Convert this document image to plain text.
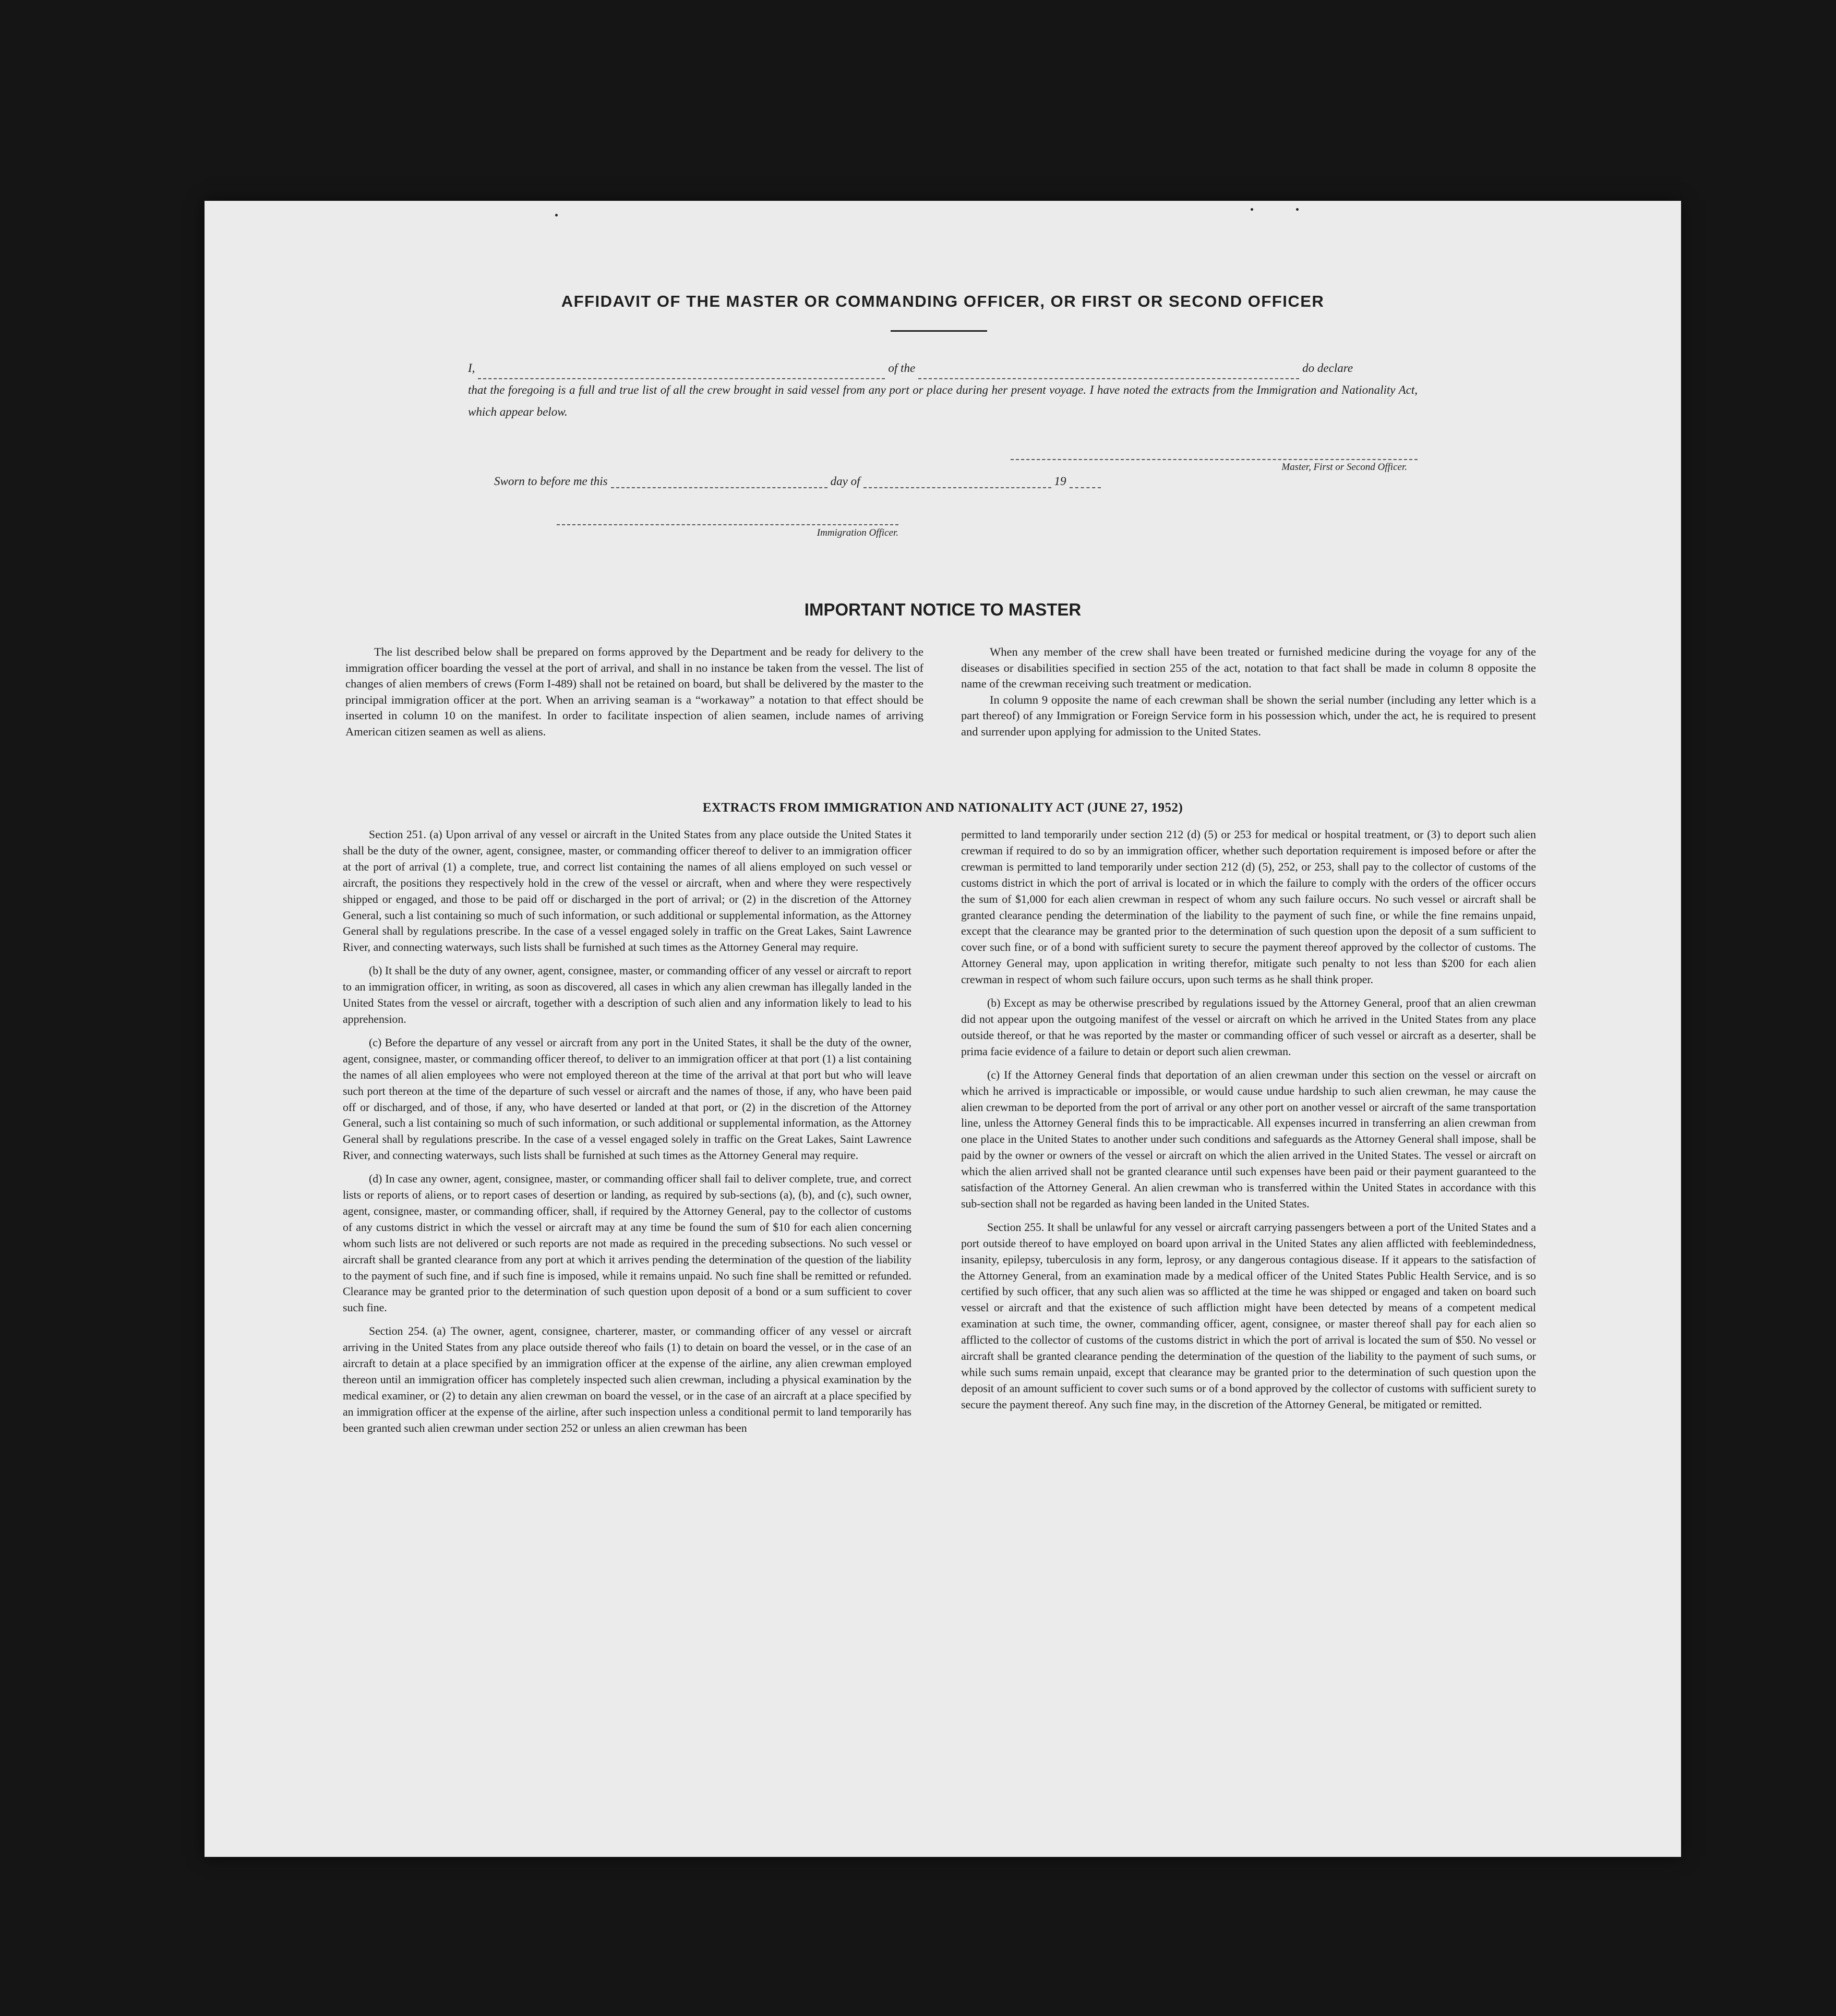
AFFIDAVIT OF THE MASTER OR COMMANDING OFFICER, OR FIRST OR SECOND OFFICER
I,	of the	do declare

that the foregoing is a full and true list of all the crew brought in said vessel from any port or place during her present voyage. I have noted the extracts from the Immigration and Nationality Act, which appear below.

Master, First or Second Officer.
Sworn to before me this	day of	19
Immigration Officer.
IMPORTANT NOTICE TO MASTER

The list described below shall be prepared on forms approved by the Department and be ready for delivery to the immigration officer boarding the vessel at the port of arrival, and shall in no instance be taken from the vessel. The list of changes of alien members of crews (Form I-489) shall not be retained on board, but shall be delivered by the master to the principal immigration officer at the port. When an arriving seaman is a “workaway” a notation to that effect should be inserted in column 10 on the manifest. In order to facilitate inspection of alien seamen, include names of arriving American citizen seamen as well as aliens.

When any member of the crew shall have been treated or furnished medicine during the voyage for any of the diseases or disabilities specified in section 255 of the act, notation to that fact shall be made in column 8 opposite the name of the crewman receiving such treatment or medication.

In column 9 opposite the name of each crewman shall be shown the serial number (including any letter which is a part thereof) of any Immigration or Foreign Service form in his possession which, under the act, he is required to present and surrender upon applying for admission to the United States.

EXTRACTS FROM IMMIGRATION AND NATIONALITY ACT (JUNE 27, 1952)

Section 251. (a) Upon arrival of any vessel or aircraft in the United States from any place outside the United States it shall be the duty of the owner, agent, consignee, master, or commanding officer thereof to deliver to an immigration officer at the port of arrival (1) a complete, true, and correct list containing the names of all aliens employed on such vessel or aircraft, the positions they respectively hold in the crew of the vessel or aircraft, when and where they were respectively shipped or engaged, and those to be paid off or discharged in the port of arrival; or (2) in the discretion of the Attorney General, such a list containing so much of such information, or such additional or supplemental information, as the Attorney General shall by regulations prescribe. In the case of a vessel engaged solely in traffic on the Great Lakes, Saint Lawrence River, and connecting waterways, such lists shall be furnished at such times as the Attorney General may require.

(b) It shall be the duty of any owner, agent, consignee, master, or commanding officer of any vessel or aircraft to report to an immigration officer, in writing, as soon as discovered, all cases in which any alien crewman has illegally landed in the United States from the vessel or aircraft, together with a description of such alien and any information likely to lead to his apprehension.

(c) Before the departure of any vessel or aircraft from any port in the United States, it shall be the duty of the owner, agent, consignee, master, or commanding officer thereof, to deliver to an immigration officer at that port (1) a list containing the names of all alien employees who were not employed thereon at the time of the arrival at that port but who will leave such port thereon at the time of the departure of such vessel or aircraft and the names of those, if any, who have been paid off or discharged, and of those, if any, who have deserted or landed at that port, or (2) in the discretion of the Attorney General, such a list containing so much of such information, or such additional or supplemental information, as the Attorney General shall by regulations prescribe. In the case of a vessel engaged solely in traffic on the Great Lakes, Saint Lawrence River, and connecting waterways, such lists shall be furnished at such times as the Attorney General may require.

(d) In case any owner, agent, consignee, master, or commanding officer shall fail to deliver complete, true, and correct lists or reports of aliens, or to report cases of desertion or landing, as required by sub-sections (a), (b), and (c), such owner, agent, consignee, master, or commanding officer, shall, if required by the Attorney General, pay to the collector of customs of any customs district in which the vessel or aircraft may at any time be found the sum of $10 for each alien concerning whom such lists are not delivered or such reports are not made as required in the preceding subsections. No such vessel or aircraft shall be granted clearance from any port at which it arrives pending the determination of the question of the liability to the payment of such fine, and if such fine is imposed, while it remains unpaid. No such fine shall be remitted or refunded. Clearance may be granted prior to the determination of such question upon deposit of a bond or a sum sufficient to cover such fine.

Section 254. (a) The owner, agent, consignee, charterer, master, or commanding officer of any vessel or aircraft arriving in the United States from any place outside thereof who fails (1) to detain on board the vessel, or in the case of an aircraft to detain at a place specified by an immigration officer at the expense of the airline, any alien crewman employed thereon until an immigration officer has completely inspected such alien crewman, including a physical examination by the medical examiner, or (2) to detain any alien crewman on board the vessel, or in the case of an aircraft at a place specified by an immigration officer at the expense of the airline, after such inspection unless a conditional permit to land temporarily has been granted such alien crewman under section 252 or unless an alien crewman has been

permitted to land temporarily under section 212 (d) (5) or 253 for medical or hospital treatment, or (3) to deport such alien crewman if required to do so by an immigration officer, whether such deportation requirement is imposed before or after the crewman is permitted to land temporarily under section 212 (d) (5), 252, or 253, shall pay to the collector of customs of the customs district in which the port of arrival is located or in which the failure to comply with the orders of the officer occurs the sum of $1,000 for each alien crewman in respect of whom any such failure occurs. No such vessel or aircraft shall be granted clearance pending the determination of the liability to the payment of such fine, or while the fine remains unpaid, except that the clearance may be granted prior to the determination of such question upon the deposit of a sum sufficient to cover such fine, or of a bond with sufficient surety to secure the payment thereof approved by the collector of customs. The Attorney General may, upon application in writing therefor, mitigate such penalty to not less than $200 for each alien crewman in respect of whom such failure occurs, upon such terms as he shall think proper.

(b) Except as may be otherwise prescribed by regulations issued by the Attorney General, proof that an alien crewman did not appear upon the outgoing manifest of the vessel or aircraft on which he arrived in the United States from any place outside thereof, or that he was reported by the master or commanding officer of such vessel or aircraft as a deserter, shall be prima facie evidence of a failure to detain or deport such alien crewman.

(c) If the Attorney General finds that deportation of an alien crewman under this section on the vessel or aircraft on which he arrived is impracticable or impossible, or would cause undue hardship to such alien crewman, he may cause the alien crewman to be deported from the port of arrival or any other port on another vessel or aircraft of the same transportation line, unless the Attorney General finds this to be impracticable. All expenses incurred in transferring an alien crewman from one place in the United States to another under such conditions and safeguards as the Attorney General shall impose, shall be paid by the owner or owners of the vessel or aircraft on which the alien arrived in the United States. The vessel or aircraft on which the alien arrived shall not be granted clearance until such expenses have been paid or their payment guaranteed to the satisfaction of the Attorney General. An alien crewman who is transferred within the United States in accordance with this sub-section shall not be regarded as having been landed in the United States.

Section 255. It shall be unlawful for any vessel or aircraft carrying passengers between a port of the United States and a port outside thereof to have employed on board upon arrival in the United States any alien afflicted with feeblemindedness, insanity, epilepsy, tuberculosis in any form, leprosy, or any dangerous contagious disease. If it appears to the satisfaction of the Attorney General, from an examination made by a medical officer of the United States Public Health Service, and is so certified by such officer, that any such alien was so afflicted at the time he was shipped or engaged and taken on board such vessel or aircraft and that the existence of such affliction might have been detected by means of a competent medical examination at such time, the owner, commanding officer, agent, consignee, or master thereof shall pay for each alien so afflicted to the collector of customs of the customs district in which the port of arrival is located the sum of $50. No vessel or aircraft shall be granted clearance pending the determination of the question of the liability to the payment of such sums, or while such sums remain unpaid, except that clearance may be granted prior to the determination of such question upon the deposit of an amount sufficient to cover such sums or of a bond approved by the collector of customs with sufficient surety to secure the payment thereof. Any such fine may, in the discretion of the Attorney General, be mitigated or remitted.
